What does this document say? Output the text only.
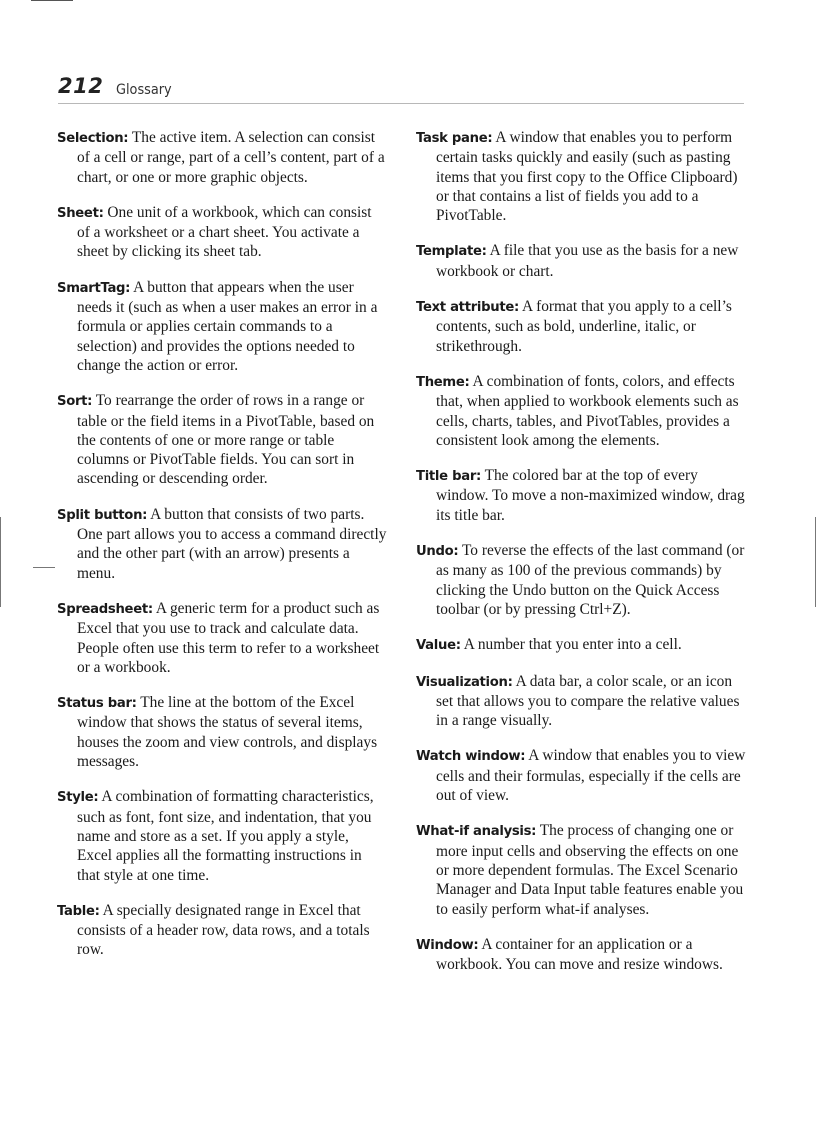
212 Glossary

Selection: The active item. A selection can consist of a cell or range, part of a cell’s content, part of a chart, or one or more graphic objects.

Sheet: One unit of a workbook, which can consist of a worksheet or a chart sheet. You activate a sheet by clicking its sheet tab.

SmartTag: A button that appears when the user needs it (such as when a user makes an error in a formula or applies certain commands to a selection) and provides the options needed to change the action or error.

Sort: To rearrange the order of rows in a range or table or the field items in a PivotTable, based on the contents of one or more range or table columns or PivotTable fields. You can sort in ascending or descending order.

Split button: A button that consists of two parts. One part allows you to access a command directly and the other part (with an arrow) presents a menu.

Spreadsheet: A generic term for a product such as Excel that you use to track and calculate data. People often use this term to refer to a worksheet or a workbook.

Status bar: The line at the bottom of the Excel window that shows the status of several items, houses the zoom and view controls, and displays messages.

Style: A combination of formatting characteristics, such as font, font size, and indentation, that you name and store as a set. If you apply a style, Excel applies all the formatting instructions in that style at one time.

Table: A specially designated range in Excel that consists of a header row, data rows, and a totals row.

Task pane: A window that enables you to perform certain tasks quickly and easily (such as pasting items that you first copy to the Office Clipboard) or that contains a list of fields you add to a PivotTable.

Template: A file that you use as the basis for a new workbook or chart.

Text attribute: A format that you apply to a cell’s contents, such as bold, underline, italic, or strikethrough.

Theme: A combination of fonts, colors, and effects that, when applied to workbook elements such as cells, charts, tables, and PivotTables, provides a consistent look among the elements.

Title bar: The colored bar at the top of every window. To move a non-maximized window, drag its title bar.

Undo: To reverse the effects of the last command (or as many as 100 of the previous commands) by clicking the Undo button on the Quick Access toolbar (or by pressing Ctrl+Z).

Value: A number that you enter into a cell.

Visualization: A data bar, a color scale, or an icon set that allows you to compare the relative values in a range visually.

Watch window: A window that enables you to view cells and their formulas, especially if the cells are out of view.

What-if analysis: The process of changing one or more input cells and observing the effects on one or more dependent formulas. The Excel Scenario Manager and Data Input table features enable you to easily perform what-if analyses.

Window: A container for an application or a workbook. You can move and resize windows.
